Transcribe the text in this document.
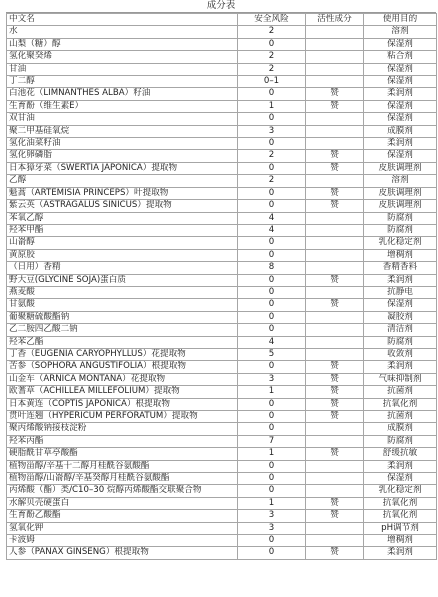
成分表
中文名	安全风险	活性成分	使用目的
水	2		溶剂
山梨（糖）醇	0		保湿剂
氢化聚癸烯	2		粘合剂
甘油	2		保湿剂
丁二醇	0–1		保湿剂
白池花（LIMNANTHES ALBA）籽油	0	赞	柔润剂
生育酚（维生素E）	1	赞	保湿剂
双甘油	0		保湿剂
聚二甲基硅氧烷	3		成膜剂
氢化油菜籽油	0		柔润剂
氢化卵磷脂	2	赞	保湿剂
日本獐牙菜（SWERTIA JAPONICA）提取物	0	赞	皮肤调理剂
乙醇	2		溶剂
魁蒿（ARTEMISIA PRINCEPS）叶提取物	0	赞	皮肤调理剂
紫云英（ASTRAGALUS SINICUS）提取物	0	赞	皮肤调理剂
苯氧乙醇	4		防腐剂
羟苯甲酯	4		防腐剂
山嵛醇	0		乳化稳定剂
黄原胶	0		增稠剂
（日用）香精	8		香精香料
野大豆(GLYCINE SOJA)蛋白质	0	赞	柔润剂
燕麦酸	0		抗静电
甘氨酸	0	赞	保湿剂
葡聚糖硫酸酯钠	0		凝胶剂
乙二胺四乙酸二钠	0		清洁剂
羟苯乙酯	4		防腐剂
丁香（EUGENIA CARYOPHYLLUS）花提取物	5		收敛剂
苦参（SOPHORA ANGUSTIFOLIA）根提取物	0	赞	柔润剂
山金车（ARNICA MONTANA）花提取物	3	赞	气味抑制剂
欧蓍草（ACHILLEA MILLEFOLIUM）提取物	1	赞	抗菌剂
日本黄连（COPTIS JAPONICA）根提取物	0	赞	抗氧化剂
贯叶连翘（HYPERICUM PERFORATUM）提取物	0	赞	抗菌剂
聚丙烯酸钠接枝淀粉	0		成膜剂
羟苯丙酯	7		防腐剂
硬脂酰甘草亭酸酯	1	赞	舒缓抗敏
植物甾醇/辛基十二醇月桂酰谷氨酸酯	0		柔润剂
植物甾醇/山嵛醇/辛基癸醇月桂酰谷氨酸酯	0		保湿剂
丙烯酸（酯）类/C10–30 烷醇丙烯酸酯交联聚合物	0		乳化稳定剂
水解贝壳硬蛋白	1	赞	抗氧化剂
生育酚乙酸酯	3	赞	抗氧化剂
氢氧化钾	3		pH调节剂
卡波姆	0		增稠剂
人参（PANAX GINSENG）根提取物	0	赞	柔润剂
